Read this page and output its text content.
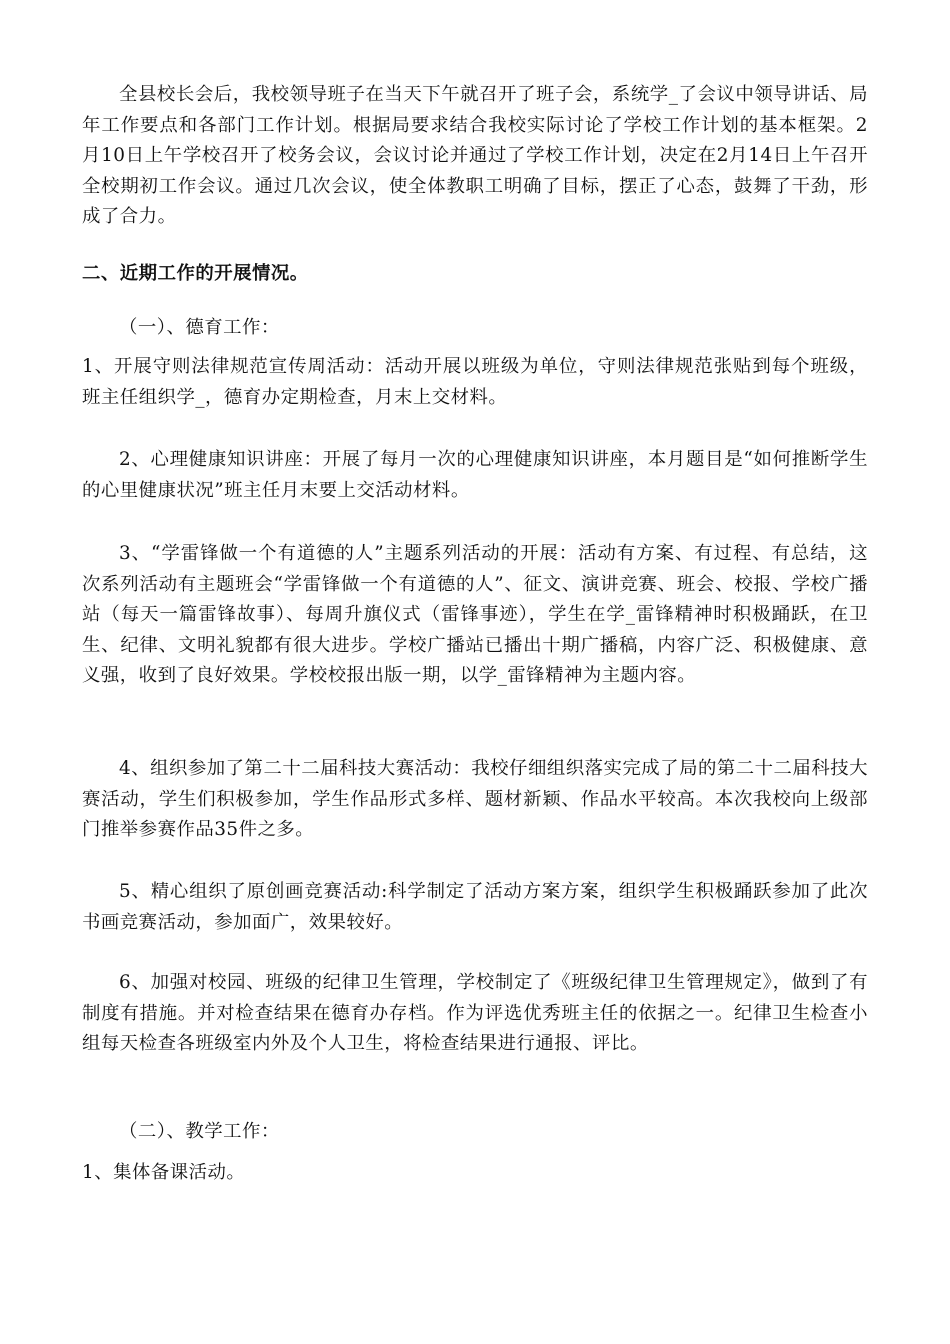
全县校长会后，我校领导班子在当天下午就召开了班子会，系统学_了会议中领导讲话、局年工作要点和各部门工作计划。根据局要求结合我校实际讨论了学校工作计划的基本框架。2月10日上午学校召开了校务会议，会议讨论并通过了学校工作计划，决定在2月14日上午召开全校期初工作会议。通过几次会议，使全体教职工明确了目标，摆正了心态，鼓舞了干劲，形成了合力。

二、近期工作的开展情况。

（一）、德育工作：

1、开展守则法律规范宣传周活动：活动开展以班级为单位，守则法律规范张贴到每个班级，班主任组织学_，德育办定期检查，月末上交材料。

2、心理健康知识讲座：开展了每月一次的心理健康知识讲座，本月题目是“如何推断学生的心里健康状况”班主任月末要上交活动材料。

3、“学雷锋做一个有道德的人”主题系列活动的开展：活动有方案、有过程、有总结，这次系列活动有主题班会“学雷锋做一个有道德的人”、征文、演讲竞赛、班会、校报、学校广播站（每天一篇雷锋故事）、每周升旗仪式（雷锋事迹），学生在学_雷锋精神时积极踊跃，在卫生、纪律、文明礼貌都有很大进步。学校广播站已播出十期广播稿，内容广泛、积极健康、意义强，收到了良好效果。学校校报出版一期，以学_雷锋精神为主题内容。

4、组织参加了第二十二届科技大赛活动：我校仔细组织落实完成了局的第二十二届科技大赛活动，学生们积极参加，学生作品形式多样、题材新颖、作品水平较高。本次我校向上级部门推举参赛作品35件之多。

5、精心组织了原创画竞赛活动:科学制定了活动方案方案，组织学生积极踊跃参加了此次书画竞赛活动，参加面广，效果较好。

6、加强对校园、班级的纪律卫生管理，学校制定了《班级纪律卫生管理规定》，做到了有制度有措施。并对检查结果在德育办存档。作为评选优秀班主任的依据之一。纪律卫生检查小组每天检查各班级室内外及个人卫生，将检查结果进行通报、评比。

（二）、教学工作：

1、集体备课活动。
